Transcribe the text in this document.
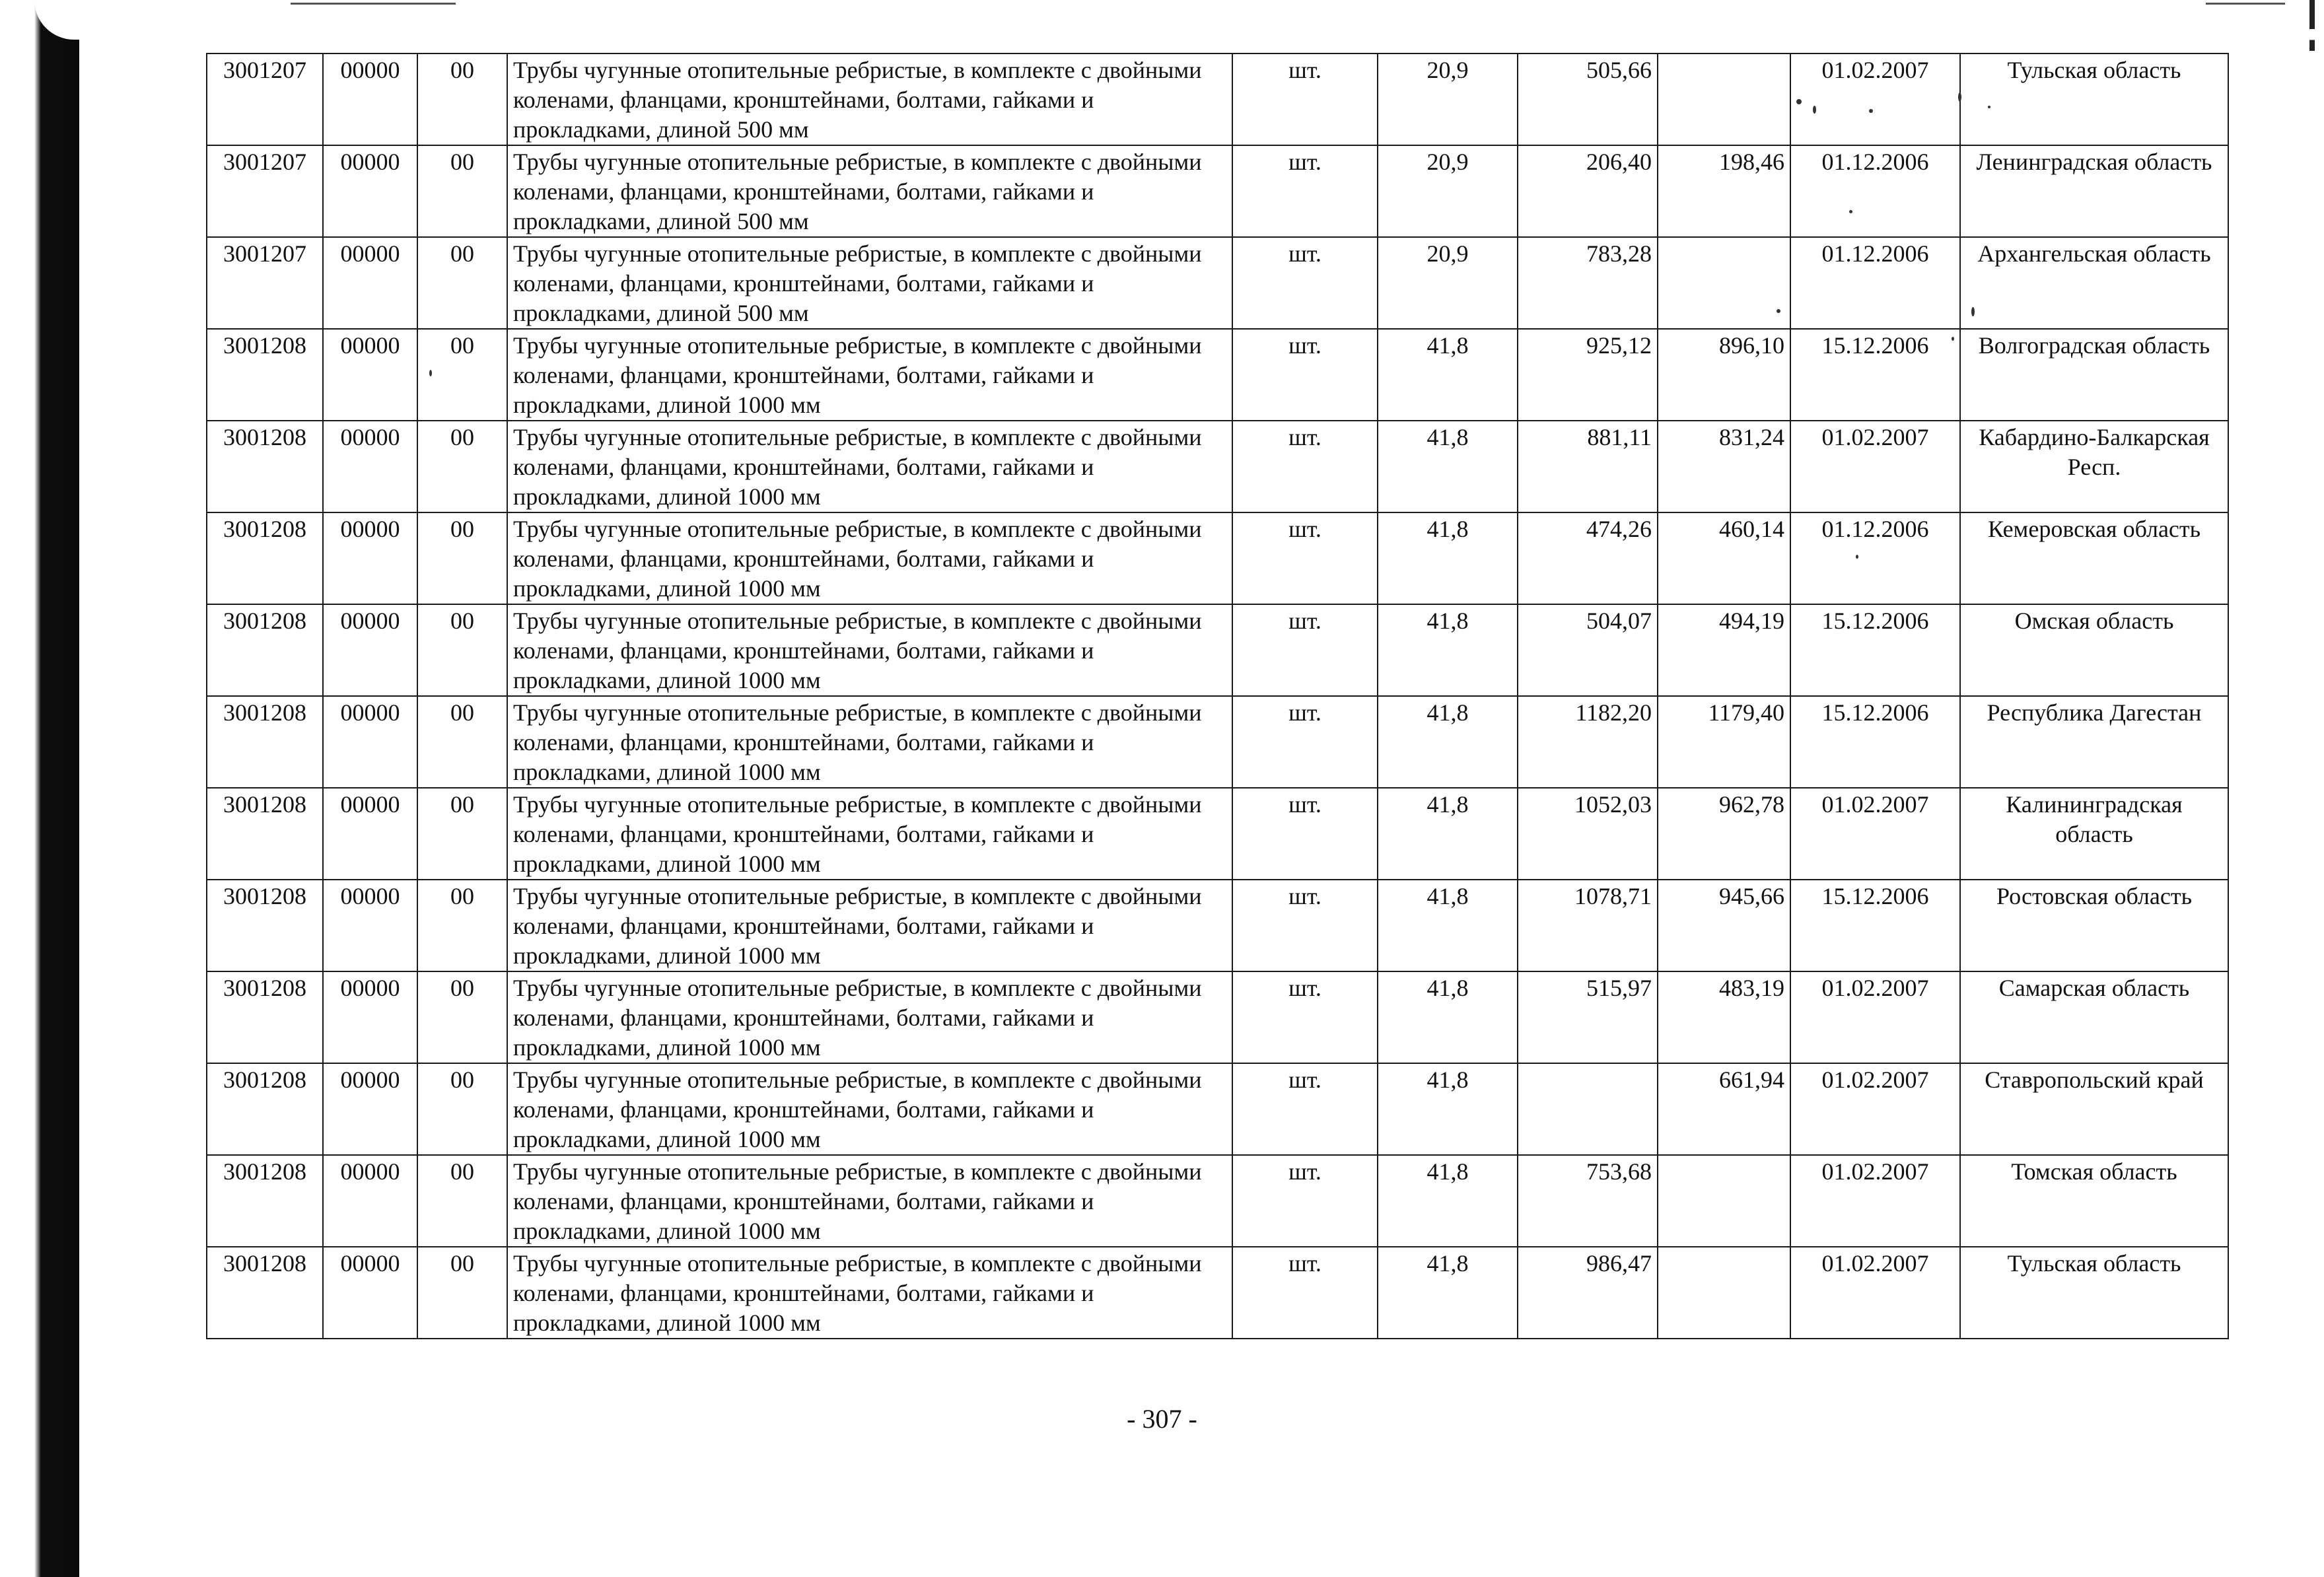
3001207	00000	00	Трубы чугунные отопительные ребристые, в комплекте с двойными коленами, фланцами, кронштейнами, болтами, гайками и прокладками, длиной 500 мм	шт.	20,9	505,66		01.02.2007	Тульская область
3001207	00000	00	Трубы чугунные отопительные ребристые, в комплекте с двойными коленами, фланцами, кронштейнами, болтами, гайками и прокладками, длиной 500 мм	шт.	20,9	206,40	198,46	01.12.2006	Ленинградская область
3001207	00000	00	Трубы чугунные отопительные ребристые, в комплекте с двойными коленами, фланцами, кронштейнами, болтами, гайками и прокладками, длиной 500 мм	шт.	20,9	783,28		01.12.2006	Архангельская область
3001208	00000	00	Трубы чугунные отопительные ребристые, в комплекте с двойными коленами, фланцами, кронштейнами, болтами, гайками и прокладками, длиной 1000 мм	шт.	41,8	925,12	896,10	15.12.2006	Волгоградская область
3001208	00000	00	Трубы чугунные отопительные ребристые, в комплекте с двойными коленами, фланцами, кронштейнами, болтами, гайками и прокладками, длиной 1000 мм	шт.	41,8	881,11	831,24	01.02.2007	Кабардино-Балкарская Респ.
3001208	00000	00	Трубы чугунные отопительные ребристые, в комплекте с двойными коленами, фланцами, кронштейнами, болтами, гайками и прокладками, длиной 1000 мм	шт.	41,8	474,26	460,14	01.12.2006	Кемеровская область
3001208	00000	00	Трубы чугунные отопительные ребристые, в комплекте с двойными коленами, фланцами, кронштейнами, болтами, гайками и прокладками, длиной 1000 мм	шт.	41,8	504,07	494,19	15.12.2006	Омская область
3001208	00000	00	Трубы чугунные отопительные ребристые, в комплекте с двойными коленами, фланцами, кронштейнами, болтами, гайками и прокладками, длиной 1000 мм	шт.	41,8	1182,20	1179,40	15.12.2006	Республика Дагестан
3001208	00000	00	Трубы чугунные отопительные ребристые, в комплекте с двойными коленами, фланцами, кронштейнами, болтами, гайками и прокладками, длиной 1000 мм	шт.	41,8	1052,03	962,78	01.02.2007	Калининградская область
3001208	00000	00	Трубы чугунные отопительные ребристые, в комплекте с двойными коленами, фланцами, кронштейнами, болтами, гайками и прокладками, длиной 1000 мм	шт.	41,8	1078,71	945,66	15.12.2006	Ростовская область
3001208	00000	00	Трубы чугунные отопительные ребристые, в комплекте с двойными коленами, фланцами, кронштейнами, болтами, гайками и прокладками, длиной 1000 мм	шт.	41,8	515,97	483,19	01.02.2007	Самарская область
3001208	00000	00	Трубы чугунные отопительные ребристые, в комплекте с двойными коленами, фланцами, кронштейнами, болтами, гайками и прокладками, длиной 1000 мм	шт.	41,8		661,94	01.02.2007	Ставропольский край
3001208	00000	00	Трубы чугунные отопительные ребристые, в комплекте с двойными коленами, фланцами, кронштейнами, болтами, гайками и прокладками, длиной 1000 мм	шт.	41,8	753,68		01.02.2007	Томская область
3001208	00000	00	Трубы чугунные отопительные ребристые, в комплекте с двойными коленами, фланцами, кронштейнами, болтами, гайками и прокладками, длиной 1000 мм	шт.	41,8	986,47		01.02.2007	Тульская область
- 307 -
